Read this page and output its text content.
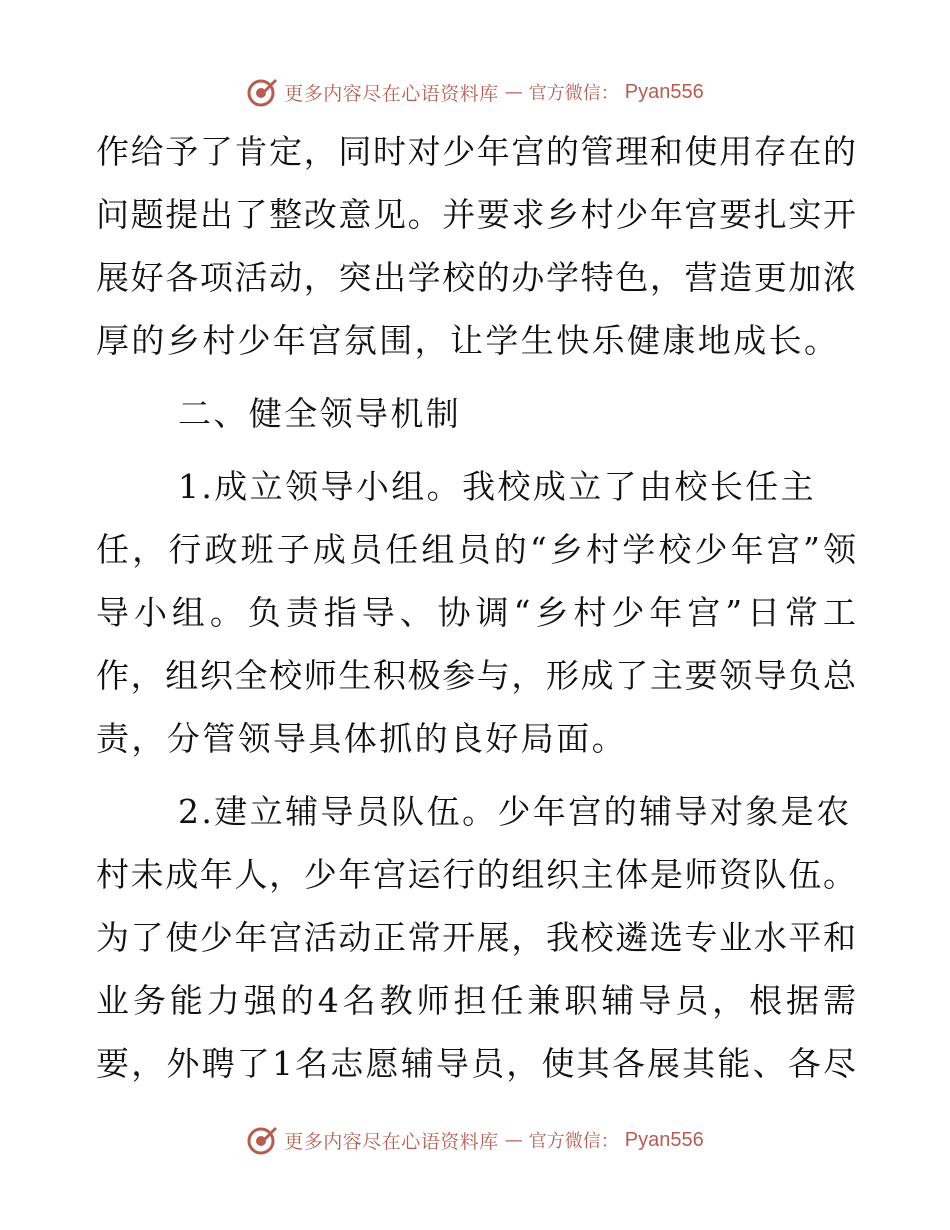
更多内容尽在心语资料库 — 官方微信： Pyan556
作给予了肯定，同时对少年宫的管理和使用存在的
问题提出了整改意见。并要求乡村少年宫要扎实开
展好各项活动，突出学校的办学特色，营造更加浓
厚的乡村少年宫氛围，让学生快乐健康地成长。
二、健全领导机制
1.成立领导小组。我校成立了由校长任主
任，行政班子成员任组员的“乡村学校少年宫”领
导小组。负责指导、协调“乡村少年宫”日常工
作，组织全校师生积极参与，形成了主要领导负总
责，分管领导具体抓的良好局面。
2.建立辅导员队伍。少年宫的辅导对象是农
村未成年人，少年宫运行的组织主体是师资队伍。
为了使少年宫活动正常开展，我校遴选专业水平和
业务能力强的4名教师担任兼职辅导员，根据需
要，外聘了1名志愿辅导员，使其各展其能、各尽
更多内容尽在心语资料库 — 官方微信： Pyan556
